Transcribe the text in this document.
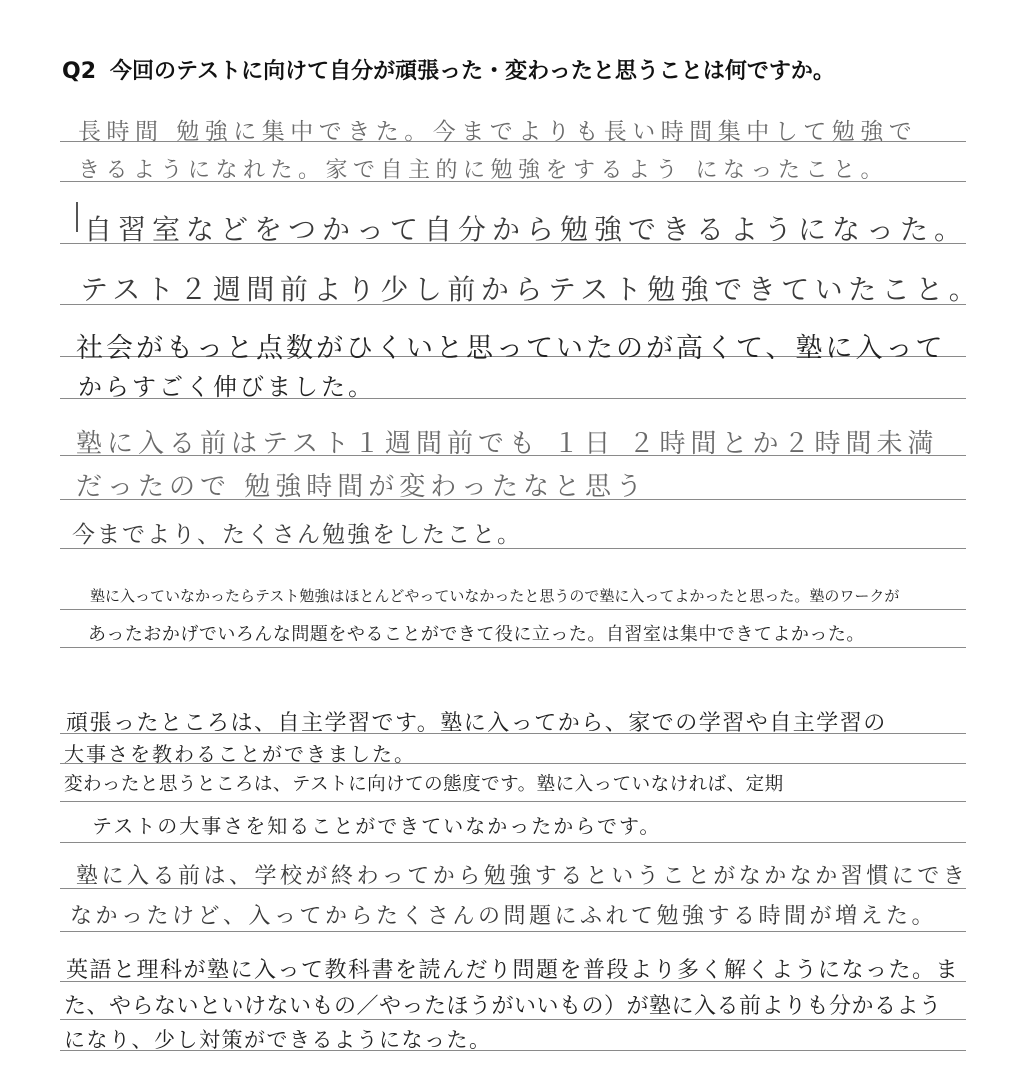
Q2 今回のテストに向けて自分が頑張った・変わったと思うことは何ですか。
長時間 勉強に集中できた。今までよりも長い時間集中して勉強で
きるようになれた。家で自主的に勉強をするよう になったこと。
自習室などをつかって自分から勉強できるようになった。
テスト２週間前より少し前からテスト勉強できていたこと。
社会がもっと点数がひくいと思っていたのが高くて、塾に入って
からすごく伸びました。
塾に入る前はテスト１週間前でも １日 ２時間とか２時間未満
だったので 勉強時間が変わったなと思う
今までより、たくさん勉強をしたこと。
塾に入っていなかったらテスト勉強はほとんどやっていなかったと思うので塾に入ってよかったと思った。塾のワークが
あったおかげでいろんな問題をやることができて役に立った。自習室は集中できてよかった。
頑張ったところは、自主学習です。塾に入ってから、家での学習や自主学習の
大事さを教わることができました。
変わったと思うところは、テストに向けての態度です。塾に入っていなければ、定期
テストの大事さを知ることができていなかったからです。
塾に入る前は、学校が終わってから勉強するということがなかなか習慣にでき
なかったけど、入ってからたくさんの問題にふれて勉強する時間が増えた。
英語と理科が塾に入って教科書を読んだり問題を普段より多く解くようになった。ま
た、やらないといけないもの／やったほうがいいもの）が塾に入る前よりも分かるよう
になり、少し対策ができるようになった。
